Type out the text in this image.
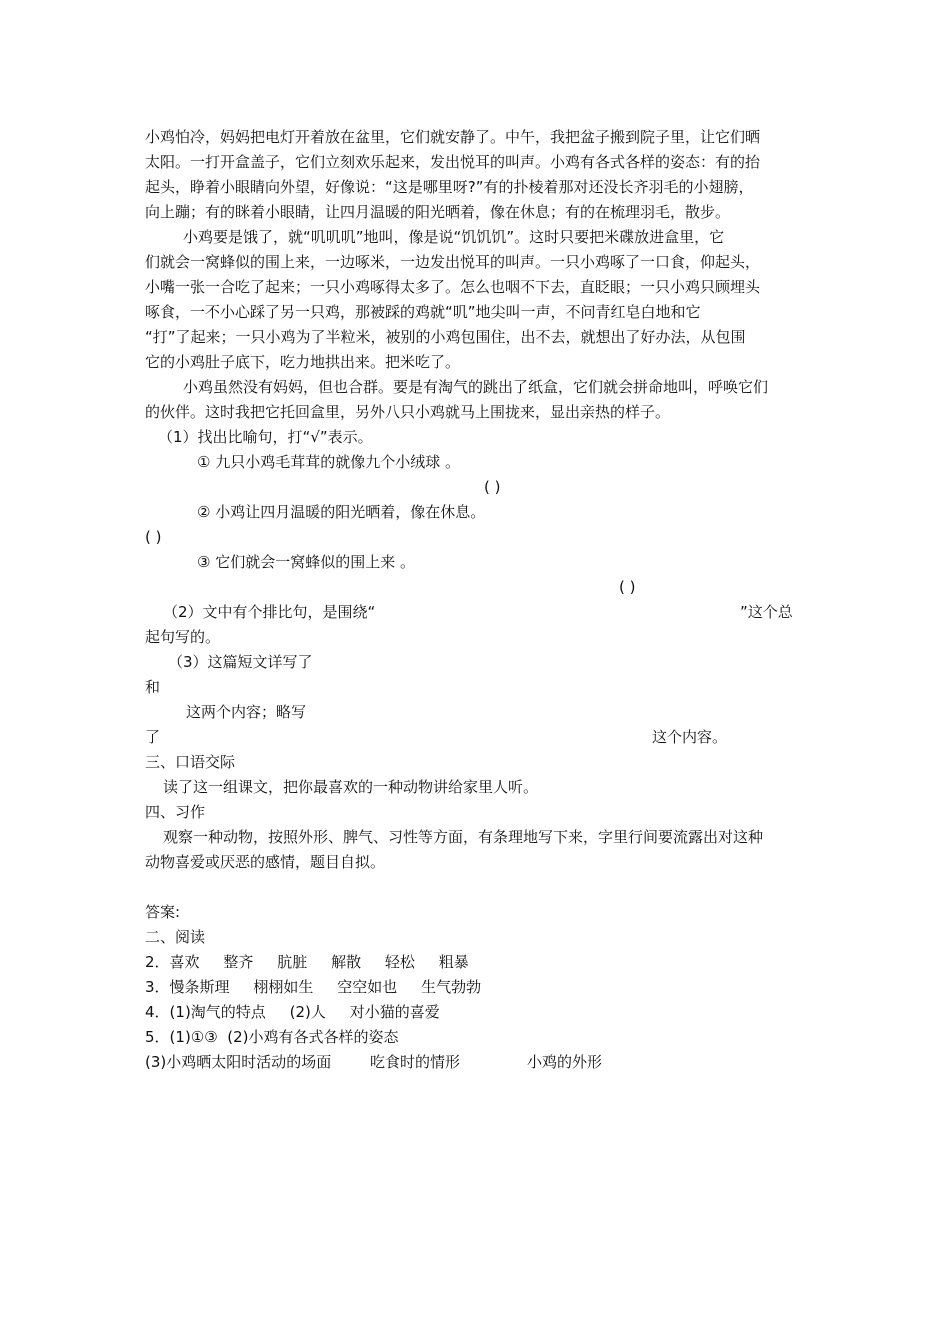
小鸡怕冷，妈妈把电灯开着放在盆里，它们就安静了。中午，我把盆子搬到院子里，让它们晒
太阳。一打开盒盖子，它们立刻欢乐起来，发出悦耳的叫声。小鸡有各式各样的姿态：有的抬
起头，睁着小眼睛向外望，好像说：“这是哪里呀?”有的扑棱着那对还没长齐羽毛的小翅膀，
向上蹦；有的眯着小眼睛，让四月温暖的阳光晒着，像在休息；有的在梳理羽毛，散步。
小鸡要是饿了，就“叽叽叽”地叫，像是说“饥饥饥”。这时只要把米碟放进盒里，它
们就会一窝蜂似的围上来，一边啄米，一边发出悦耳的叫声。一只小鸡啄了一口食，仰起头，
小嘴一张一合吃了起来；一只小鸡啄得太多了。怎么也咽不下去，直眨眼；一只小鸡只顾埋头
啄食，一不小心踩了另一只鸡，那被踩的鸡就“叽”地尖叫一声，不问青红皂白地和它
“打”了起来；一只小鸡为了半粒米，被别的小鸡包围住，出不去，就想出了好办法，从包围
它的小鸡肚子底下，吃力地拱出来。把米吃了。
小鸡虽然没有妈妈，但也合群。要是有淘气的跳出了纸盒，它们就会拼命地叫，呼唤它们
的伙伴。这时我把它托回盒里，另外八只小鸡就马上围拢来，显出亲热的样子。
（1）找出比喻句，打“√”表示。
① 九只小鸡毛茸茸的就像九个小绒球 。
( )
② 小鸡让四月温暖的阳光晒着，像在休息。
( )
③ 它们就会一窝蜂似的围上来 。
( )
（2）文中有个排比句，是围绕“	”这个总
起句写的。
（3）这篇短文详写了
和
这两个内容；略写
了	这个内容。
三、口语交际
读了这一组课文，把你最喜欢的一种动物讲给家里人听。
四、习作
观察一种动物，按照外形、脾气、习性等方面，有条理地写下来，字里行间要流露出对这种
动物喜爱或厌恶的感情，题目自拟。
答案:
二、阅读
2．喜欢     整齐     肮脏     解散     轻松     粗暴
3．慢条斯理     栩栩如生     空空如也     生气勃勃
4．(1)淘气的特点     (2)人     对小猫的喜爱
5．(1)①③  (2)小鸡有各式各样的姿态
(3)小鸡晒太阳时活动的场面	吃食时的情形	小鸡的外形
